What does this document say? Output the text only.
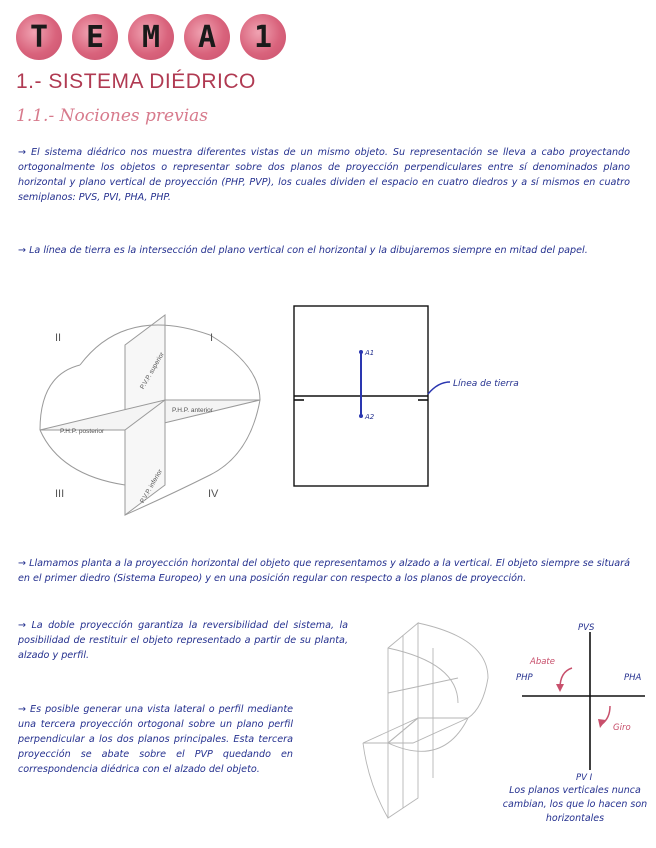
T	E	M	A	1
1.- SISTEMA DIÉDRICO
1.1.- Nociones previas
→ El sistema diédrico nos muestra diferentes vistas de un mismo objeto. Su representación se lleva a cabo proyectando ortogonalmente los objetos o representar sobre dos planos de proyección perpendiculares entre sí denominados plano horizontal y plano vertical de proyección (PHP, PVP), los cuales dividen el espacio en cuatro diedros y a sí mismos en cuatro semiplanos: PVS, PVI, PHA, PHP.
→ La línea de tierra es la intersección del plano vertical con el horizontal y la dibujaremos siempre en mitad del papel.
II	I
III	IV
P.V.P. superior
P.H.P. anterior
P.H.P. posterior
P.V.P. inferior
A1
A2
Línea de tierra
→ Llamamos planta a la proyección horizontal del objeto que representamos y alzado a la vertical. El objeto siempre se situará en el primer diedro (Sistema Europeo) y en una posición regular con respecto a los planos de proyección.
→ La doble proyección garantiza la reversibilidad del sistema, la posibilidad de restituir el objeto representado a partir de su planta, alzado y perfil.
→ Es posible generar una vista lateral o perfil mediante una tercera proyección ortogonal sobre un plano perfil perpendicular a los dos planos principales. Esta tercera proyección se abate sobre el PVP quedando en correspondencia diédrica con el alzado del objeto.
PVS
PV I
PHP	PHA
Abate
Giro
Los planos verticales nunca cambian, los que lo hacen son horizontales
